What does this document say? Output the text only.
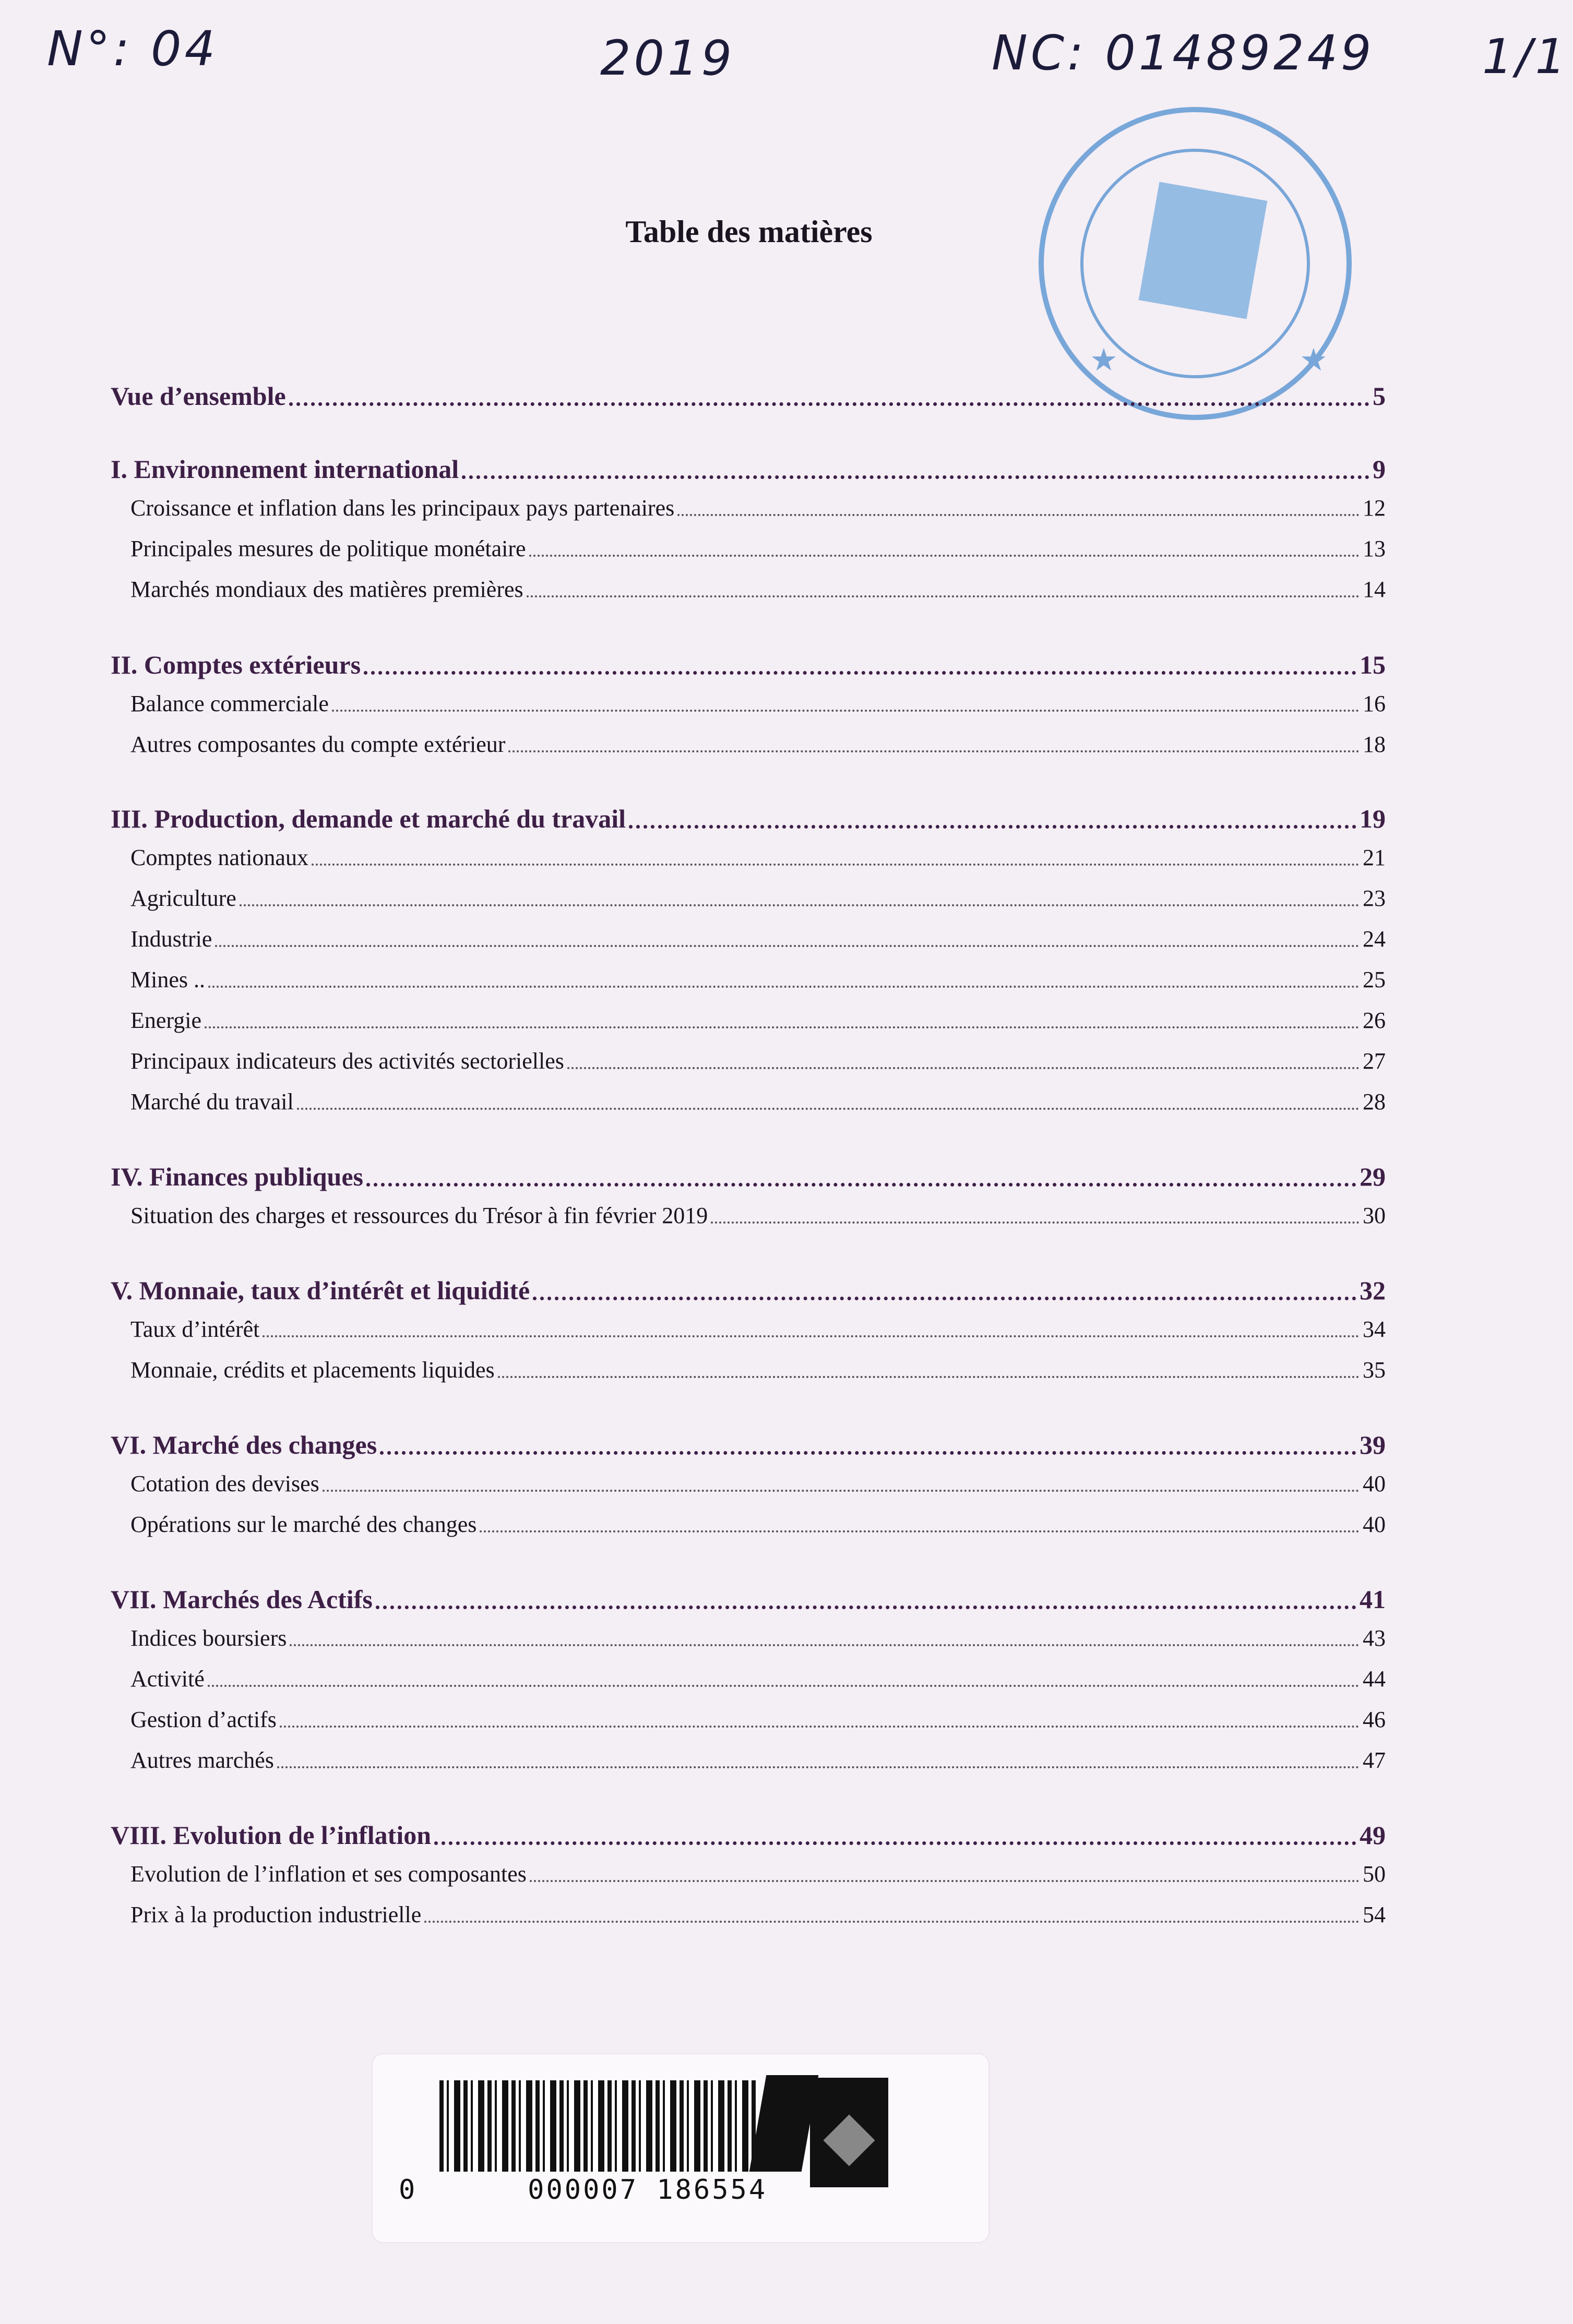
N°: 04	2019	NC: 01489249 1/1
★	★
Table des matières
Vue d’ensemble	5
I. Environnement international	9
Croissance et inflation dans les principaux pays partenaires	12
Principales mesures de politique monétaire	13
Marchés mondiaux des matières premières	14
II. Comptes extérieurs	15
Balance commerciale	16
Autres composantes du compte extérieur	18
III. Production, demande et marché du travail	19
Comptes nationaux	21
Agriculture	23
Industrie	24
Mines ..	25
Energie	26
Principaux indicateurs des activités sectorielles	27
Marché du travail	28
IV. Finances publiques	29
Situation des charges et ressources du Trésor à fin février 2019	30
V. Monnaie, taux d’intérêt et liquidité	32
Taux d’intérêt	34
Monnaie, crédits et placements liquides	35
VI. Marché des changes	39
Cotation des devises	40
Opérations sur le marché des changes	40
VII. Marchés des Actifs	41
Indices boursiers	43
Activité	44
Gestion d’actifs	46
Autres marchés	47
VIII. Evolution de l’inflation	49
Evolution de l’inflation et ses composantes	50
Prix à la production industrielle	54
0	000007 186554
